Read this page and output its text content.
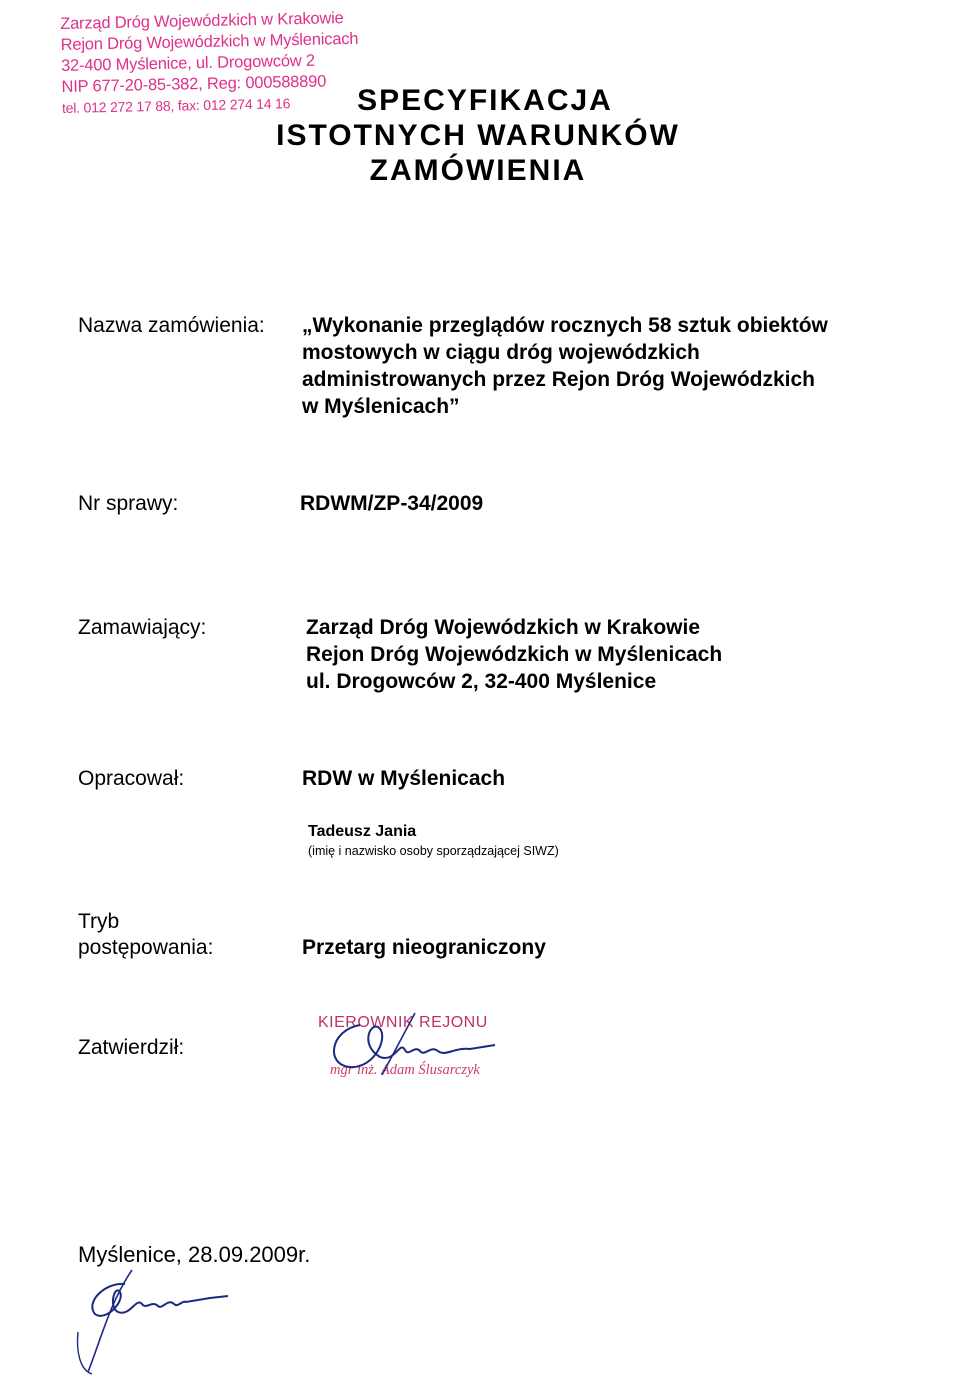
Zarząd Dróg Wojewódzkich w Krakowie
Rejon Dróg Wojewódzkich w Myślenicach
32-400 Myślenice, ul. Drogowców 2
NIP 677-20-85-382, Reg: 000588890
tel. 012 272 17 88, fax: 012 274 14 16	SPECYFIKACJA
ISTOTNYCH WARUNKÓW
ZAMÓWIENIA
Nazwa zamówienia: „Wykonanie przeglądów rocznych 58 sztuk obiektów
mostowych w ciągu dróg wojewódzkich
administrowanych przez Rejon Dróg Wojewódzkich
w Myślenicach”
Nr sprawy:	RDWM/ZP-34/2009
Zamawiający:	Zarząd Dróg Wojewódzkich w Krakowie
Rejon Dróg Wojewódzkich w Myślenicach
ul. Drogowców 2, 32-400 Myślenice
Opracował:	RDW w Myślenicach
Tadeusz Jania
(imię i nazwisko osoby sporządzającej SIWZ)
Tryb
postępowania:	Przetarg nieograniczony
Zatwierdził:
KIEROWNIK REJONU
mgr inż. Adam Ślusarczyk
Myślenice, 28.09.2009r.
